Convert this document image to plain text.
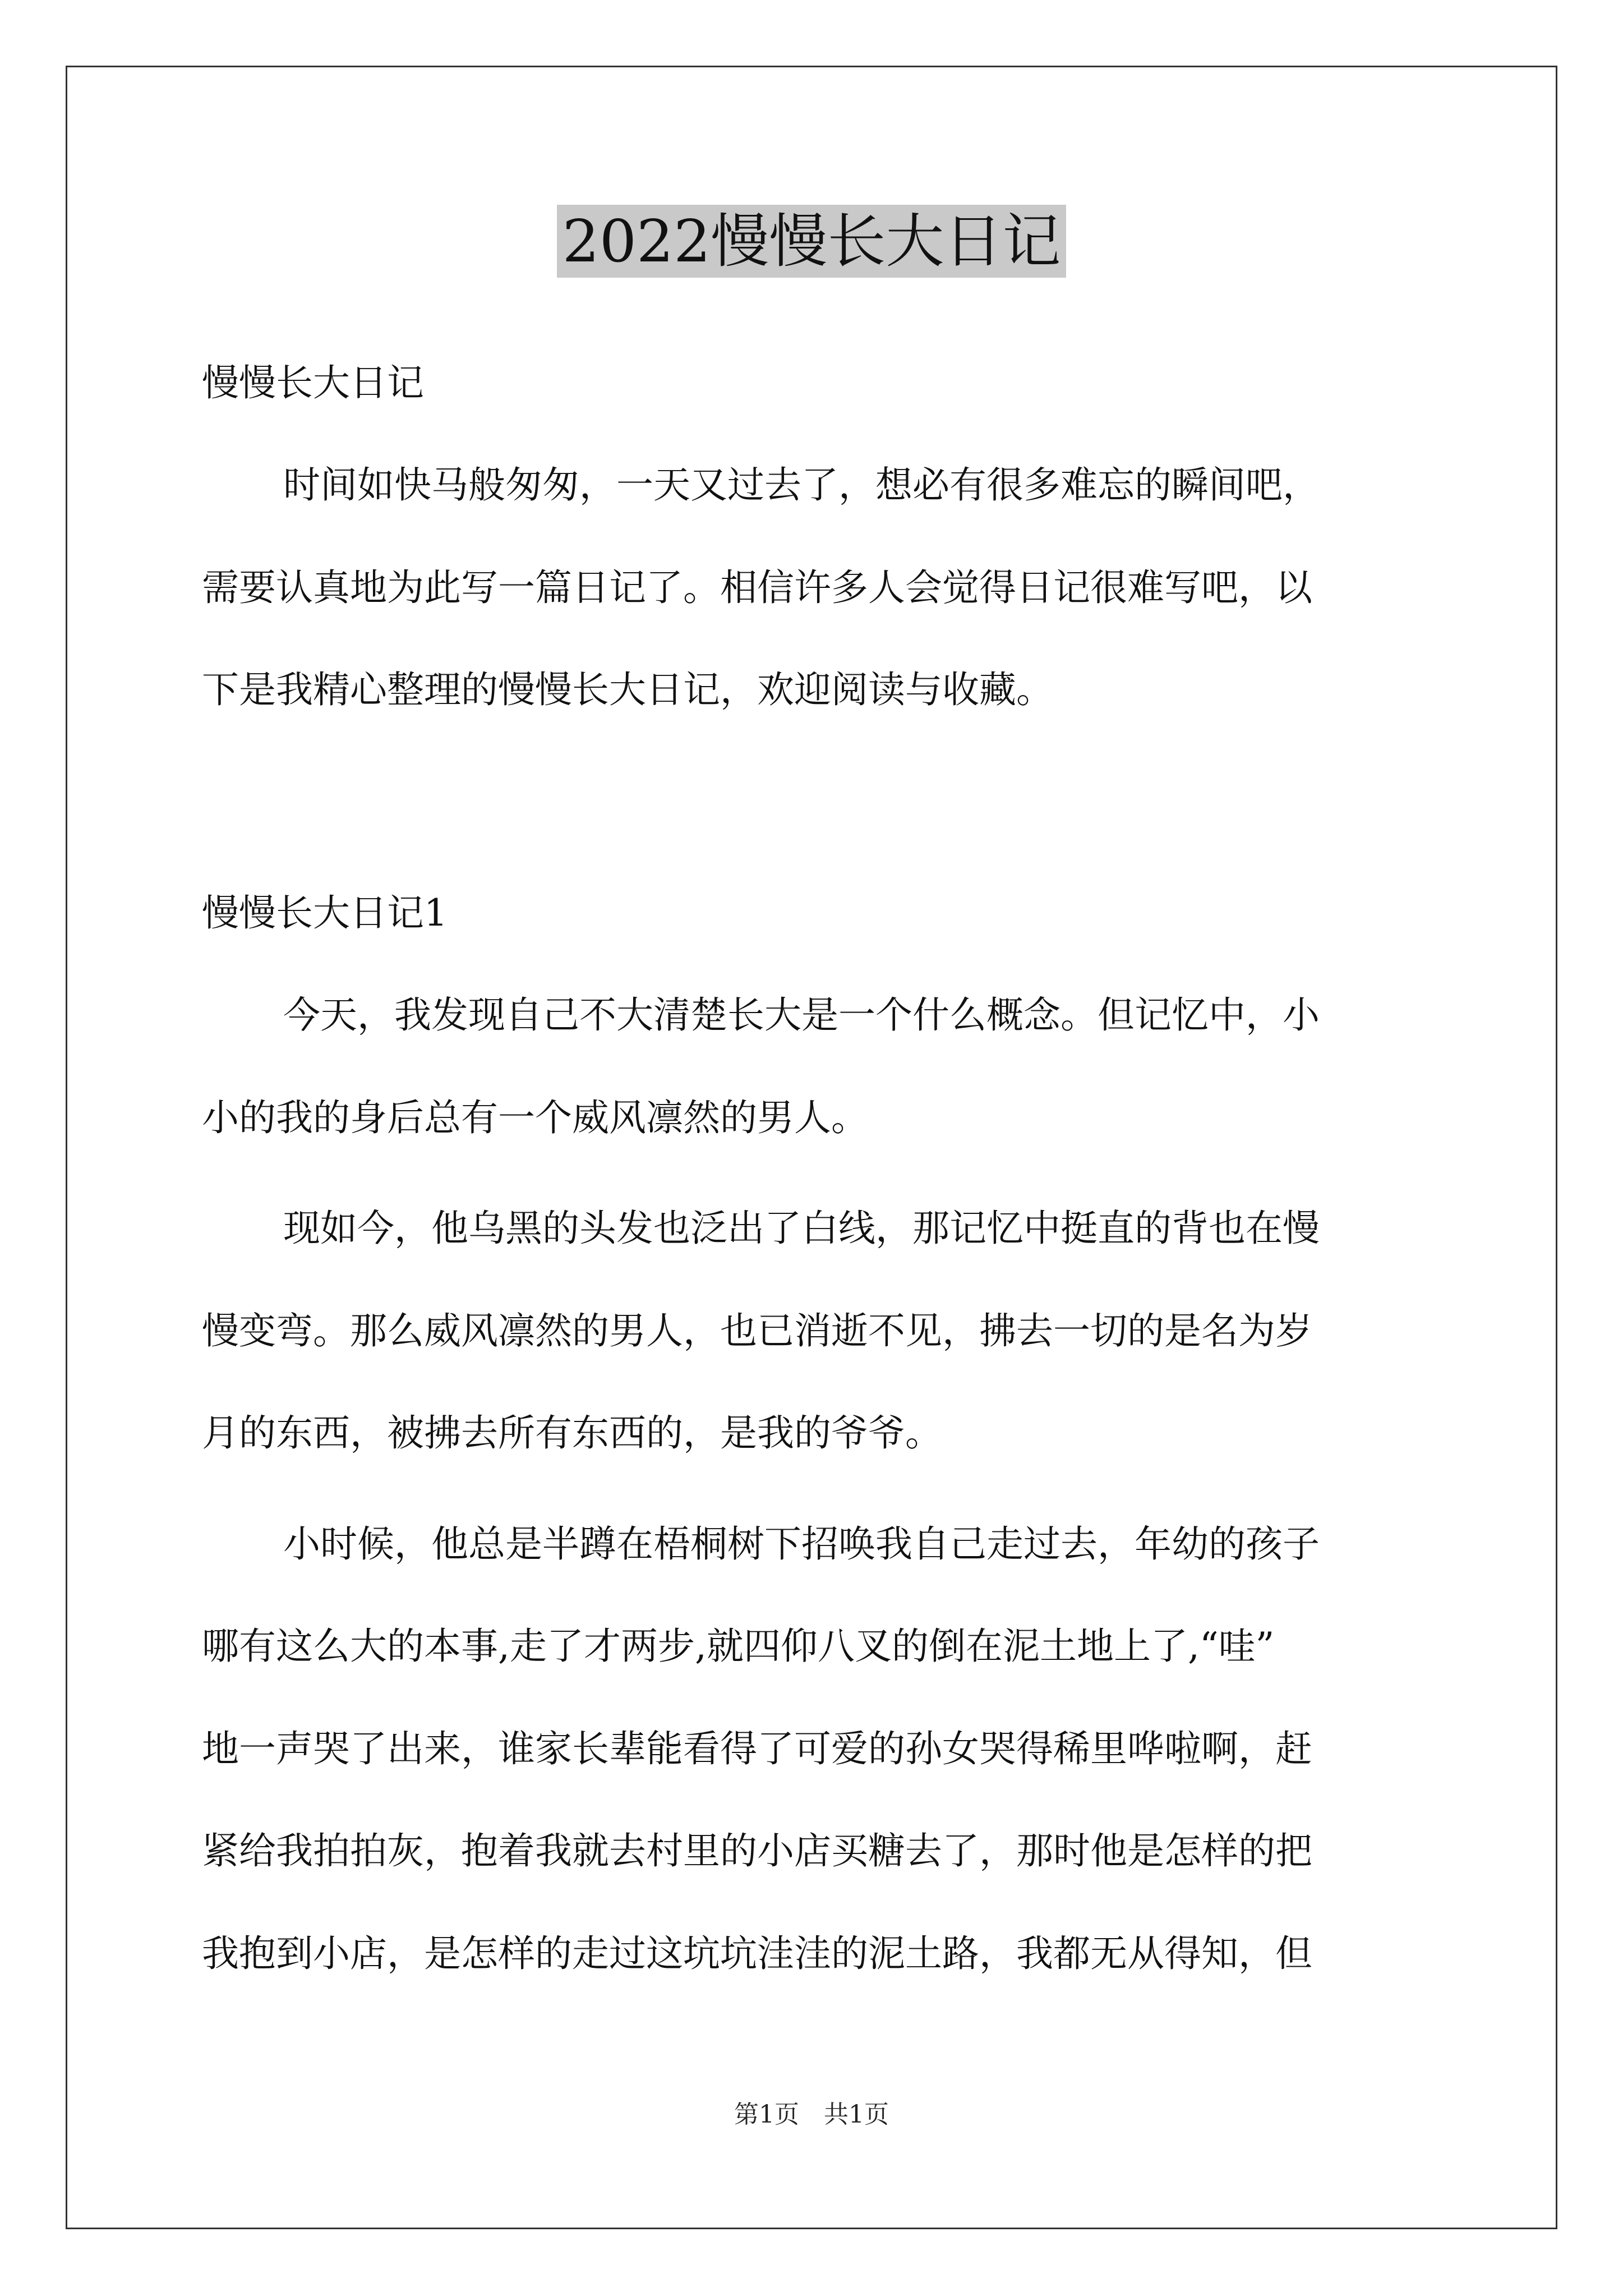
2022慢慢长大日记
慢慢长大日记
时间如快马般匆匆，一天又过去了，想必有很多难忘的瞬间吧，
需要认真地为此写一篇日记了。相信许多人会觉得日记很难写吧，以
下是我精心整理的慢慢长大日记，欢迎阅读与收藏。
慢慢长大日记1
今天，我发现自己不大清楚长大是一个什么概念。但记忆中，小
小的我的身后总有一个威风凛然的男人。
现如今，他乌黑的头发也泛出了白线，那记忆中挺直的背也在慢
慢变弯。那么威风凛然的男人，也已消逝不见，拂去一切的是名为岁
月的东西，被拂去所有东西的，是我的爷爷。
小时候，他总是半蹲在梧桐树下招唤我自己走过去，年幼的孩子
哪有这么大的本事,走了才两步,就四仰八叉的倒在泥土地上了,“哇”
地一声哭了出来，谁家长辈能看得了可爱的孙女哭得稀里哗啦啊，赶
紧给我拍拍灰，抱着我就去村里的小店买糖去了，那时他是怎样的把
我抱到小店，是怎样的走过这坑坑洼洼的泥土路，我都无从得知，但
第1页　共1页
